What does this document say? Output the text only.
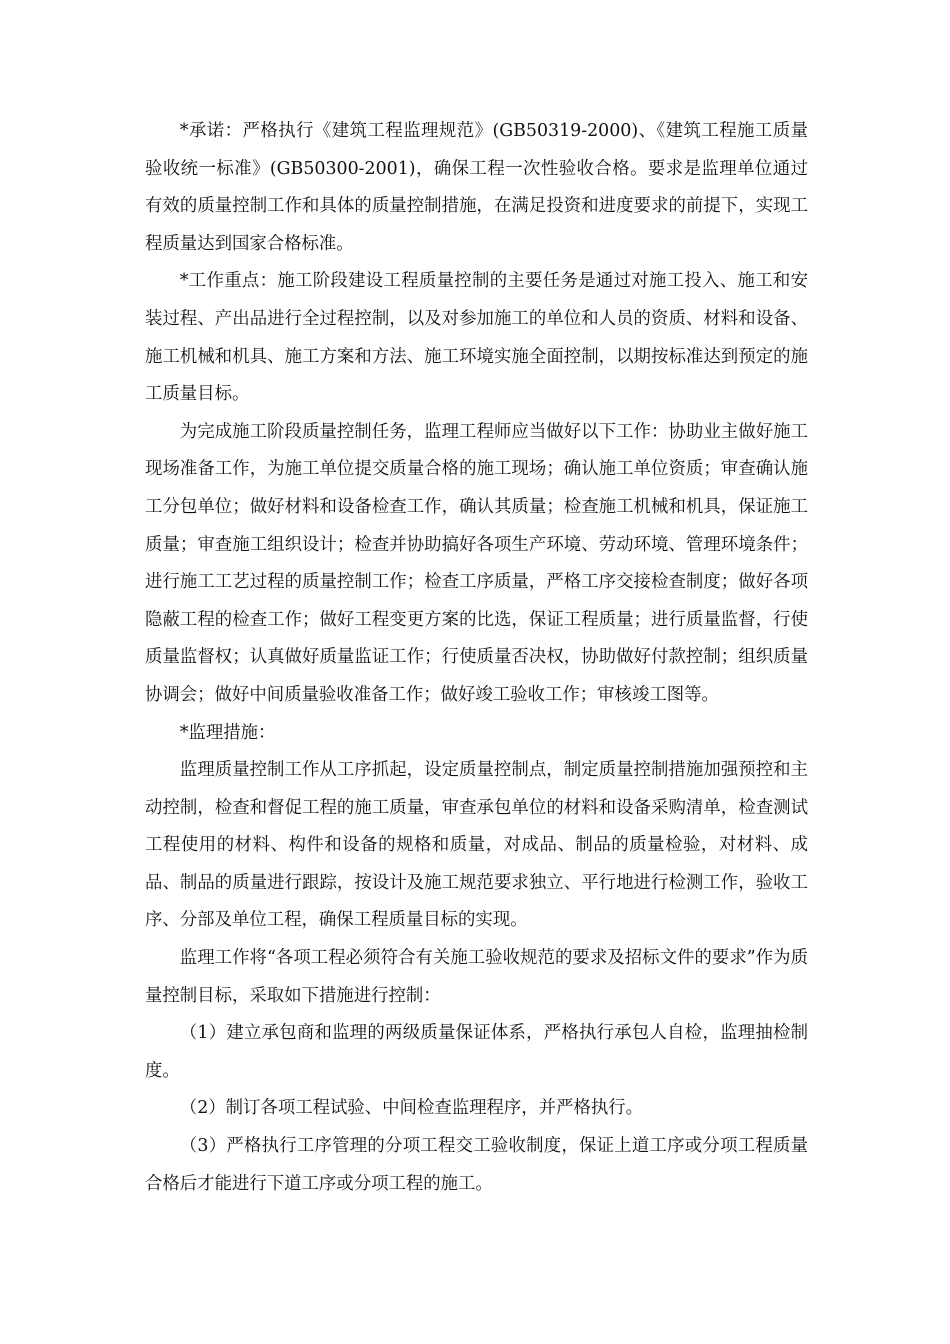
*承诺：严格执行《建筑工程监理规范》(GB50319-2000)、《建筑工程施工质量验收统一标准》(GB50300-2001)，确保工程一次性验收合格。要求是监理单位通过有效的质量控制工作和具体的质量控制措施，在满足投资和进度要求的前提下，实现工程质量达到国家合格标准。

*工作重点：施工阶段建设工程质量控制的主要任务是通过对施工投入、施工和安装过程、产出品进行全过程控制，以及对参加施工的单位和人员的资质、材料和设备、施工机械和机具、施工方案和方法、施工环境实施全面控制，以期按标准达到预定的施工质量目标。

为完成施工阶段质量控制任务，监理工程师应当做好以下工作：协助业主做好施工现场准备工作，为施工单位提交质量合格的施工现场；确认施工单位资质；审查确认施工分包单位；做好材料和设备检查工作，确认其质量；检查施工机械和机具，保证施工质量；审查施工组织设计；检查并协助搞好各项生产环境、劳动环境、管理环境条件；进行施工工艺过程的质量控制工作；检查工序质量，严格工序交接检查制度；做好各项隐蔽工程的检查工作；做好工程变更方案的比选，保证工程质量；进行质量监督，行使质量监督权；认真做好质量监证工作；行使质量否决权，协助做好付款控制；组织质量协调会；做好中间质量验收准备工作；做好竣工验收工作；审核竣工图等。

*监理措施：

监理质量控制工作从工序抓起，设定质量控制点，制定质量控制措施加强预控和主动控制，检查和督促工程的施工质量，审查承包单位的材料和设备采购清单，检查测试工程使用的材料、构件和设备的规格和质量，对成品、制品的质量检验，对材料、成品、制品的质量进行跟踪，按设计及施工规范要求独立、平行地进行检测工作，验收工序、分部及单位工程，确保工程质量目标的实现。

监理工作将“各项工程必须符合有关施工验收规范的要求及招标文件的要求”作为质量控制目标，采取如下措施进行控制：

（1）建立承包商和监理的两级质量保证体系，严格执行承包人自检，监理抽检制度。

（2）制订各项工程试验、中间检查监理程序，并严格执行。

（3）严格执行工序管理的分项工程交工验收制度，保证上道工序或分项工程质量合格后才能进行下道工序或分项工程的施工。
